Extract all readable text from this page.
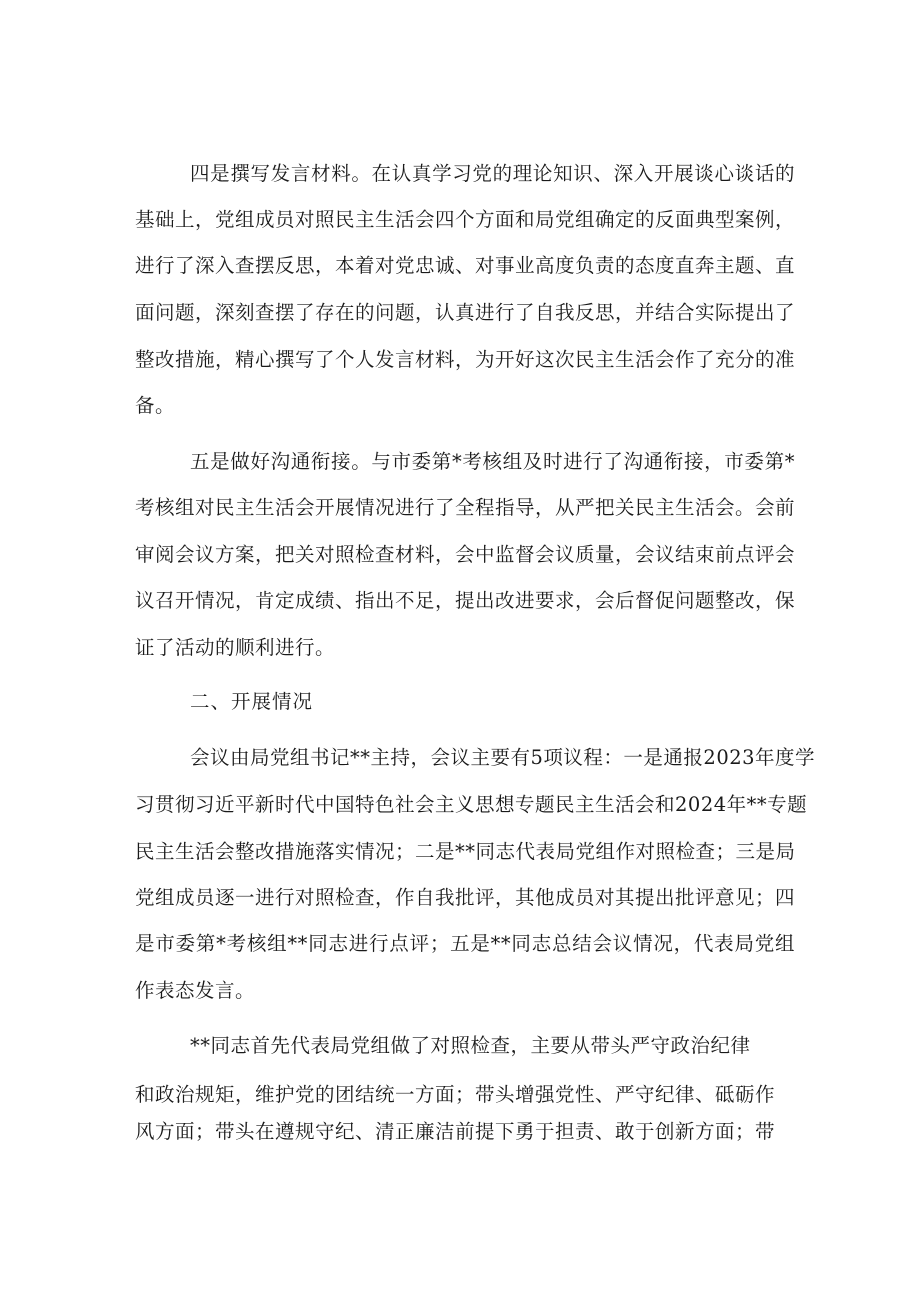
四是撰写发言材料。在认真学习党的理论知识、深入开展谈心谈话的
基础上，党组成员对照民主生活会四个方面和局党组确定的反面典型案例，
进行了深入查摆反思，本着对党忠诚、对事业高度负责的态度直奔主题、直
面问题，深刻查摆了存在的问题，认真进行了自我反思，并结合实际提出了
整改措施，精心撰写了个人发言材料，为开好这次民主生活会作了充分的准
备。
五是做好沟通衔接。与市委第*考核组及时进行了沟通衔接，市委第*
考核组对民主生活会开展情况进行了全程指导，从严把关民主生活会。会前
审阅会议方案，把关对照检查材料，会中监督会议质量，会议结束前点评会
议召开情况，肯定成绩、指出不足，提出改进要求，会后督促问题整改，保
证了活动的顺利进行。
二、开展情况
会议由局党组书记**主持，会议主要有5项议程：一是通报2023年度学
习贯彻习近平新时代中国特色社会主义思想专题民主生活会和2024年**专题
民主生活会整改措施落实情况；二是**同志代表局党组作对照检查；三是局
党组成员逐一进行对照检查，作自我批评，其他成员对其提出批评意见；四
是市委第*考核组**同志进行点评；五是**同志总结会议情况，代表局党组
作表态发言。
**同志首先代表局党组做了对照检查，主要从带头严守政治纪律
和政治规矩，维护党的团结统一方面；带头增强党性、严守纪律、砥砺作
风方面；带头在遵规守纪、清正廉洁前提下勇于担责、敢于创新方面；带
